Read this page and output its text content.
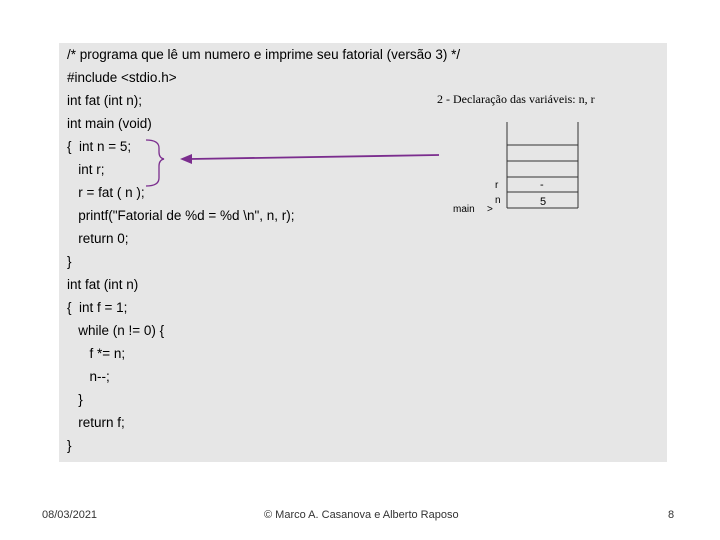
/* programa que lê um numero e imprime seu fatorial (versão 3) */
#include <stdio.h>
int fat (int n);
int main (void)
{  int n = 5;
int r;
r = fat ( n );
printf("Fatorial de %d = %d \n", n, r);
return 0;
}
int fat (int n)
{  int f = 1;
while (n != 0) {
f *= n;
n--;
}
return f;
}
2 - Declaração das variáveis: n, r
r	-
n	5
main >
08/03/2021	© Marco A. Casanova e Alberto Raposo	8
